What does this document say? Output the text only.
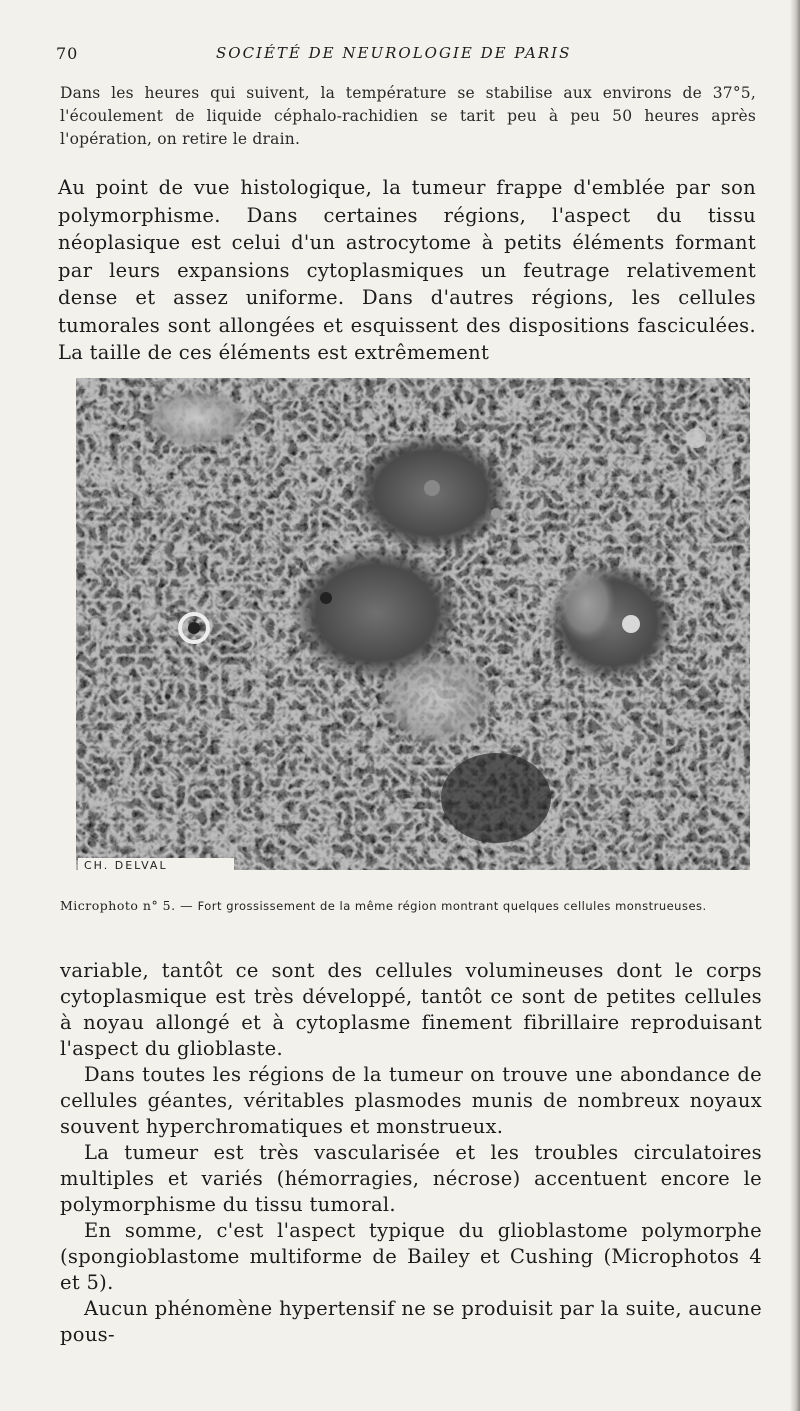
70	SOCIÉTÉ DE NEUROLOGIE DE PARIS
Dans les heures qui suivent, la température se stabilise aux environs de 37°5, l'écoulement de liquide céphalo-rachidien se tarit peu à peu 50 heures après l'opération, on retire le drain.
Au point de vue histologique, la tumeur frappe d'emblée par son polymorphisme. Dans certaines régions, l'aspect du tissu néoplasique est celui d'un astrocytome à petits éléments formant par leurs expansions cytoplasmiques un feutrage relativement dense et assez uniforme. Dans d'autres régions, les cellules tumorales sont allongées et esquissent des dispositions fasciculées. La taille de ces éléments est extrêmement
CH. DELVAL
Microphoto n° 5. — Fort grossissement de la même région montrant quelques cellules monstrueuses.

variable, tantôt ce sont des cellules volumineuses dont le corps cytoplasmique est très développé, tantôt ce sont de petites cellules à noyau allongé et à cytoplasme finement fibrillaire reproduisant l'aspect du glioblaste.

Dans toutes les régions de la tumeur on trouve une abondance de cellules géantes, véritables plasmodes munis de nombreux noyaux souvent hyperchromatiques et monstrueux.

La tumeur est très vascularisée et les troubles circulatoires multiples et variés (hémorragies, nécrose) accentuent encore le polymorphisme du tissu tumoral.

En somme, c'est l'aspect typique du glioblastome polymorphe (spongioblastome multiforme de Bailey et Cushing (Microphotos 4 et 5).

Aucun phénomène hypertensif ne se produisit par la suite, aucune pous-
